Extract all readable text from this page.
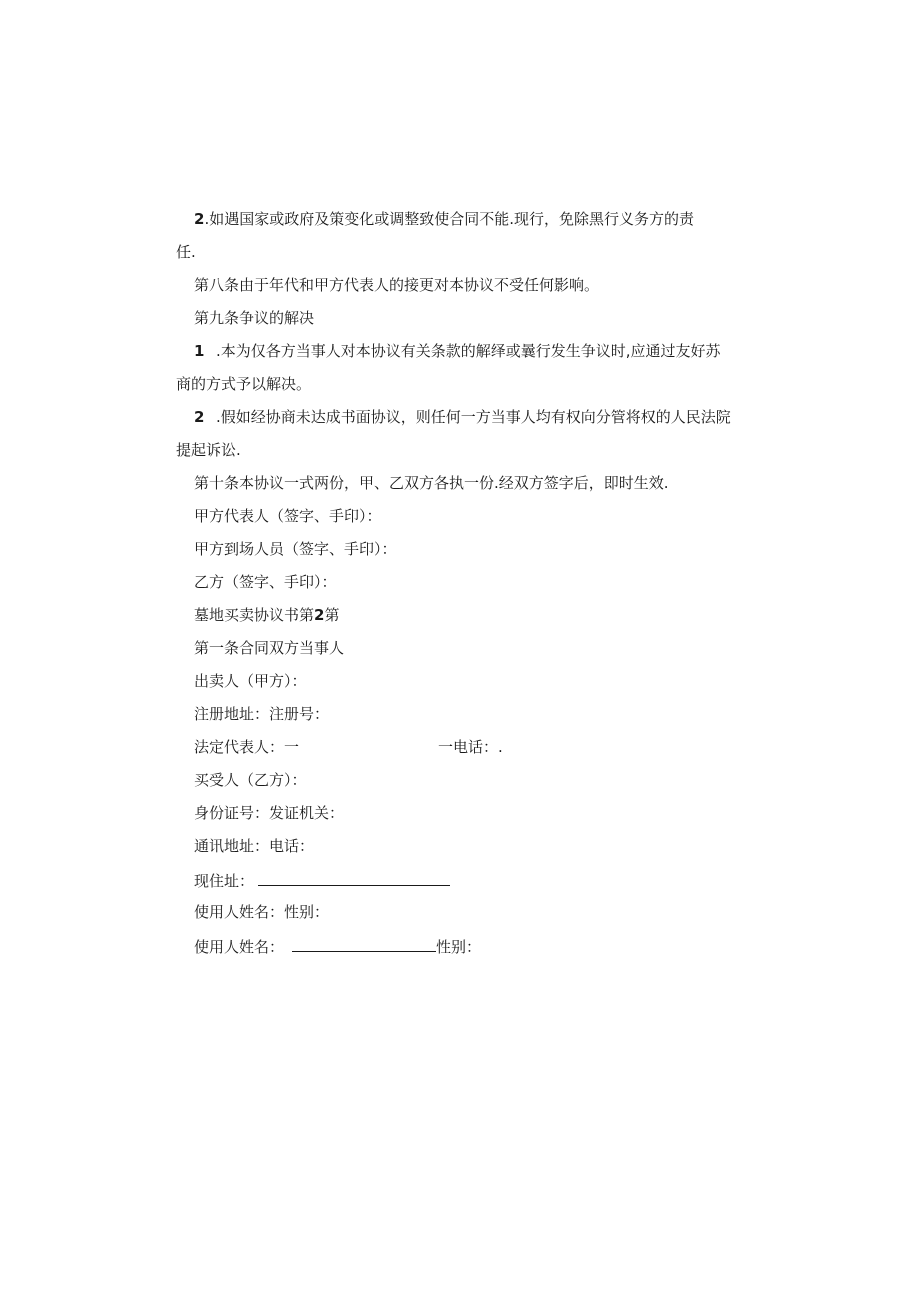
2.如遇国家或政府及策变化或调整致使合同不能.现行，免除黑行义务方的责
任.
第八条由于年代和甲方代表人的接更对本协议不受任何影响。
第九条争议的解决
1 .本为仅各方当事人对本协议有关条款的解绎或曩行发生争议时,应通过友好苏
商的方式予以解决。
2 .假如经协商未达成书面协议，则任何一方当事人均有权向分管将权的人民法院
提起诉讼.
第十条本协议一式两份，甲、乙双方各执一份.经双方签字后，即时生效.
甲方代表人（签字、手印）：
甲方到场人员（签字、手印）：
乙方（签字、手印）：
墓地买卖协议书第2第
第一条合同双方当事人
出卖人（甲方）：
注册地址：注册号：
法定代表人：一	一电话：.
买受人（乙方）：
身份证号：发证机关：
通讯地址：电话：
现住址：
使用人姓名：性别：
使用人姓名：	性别：
